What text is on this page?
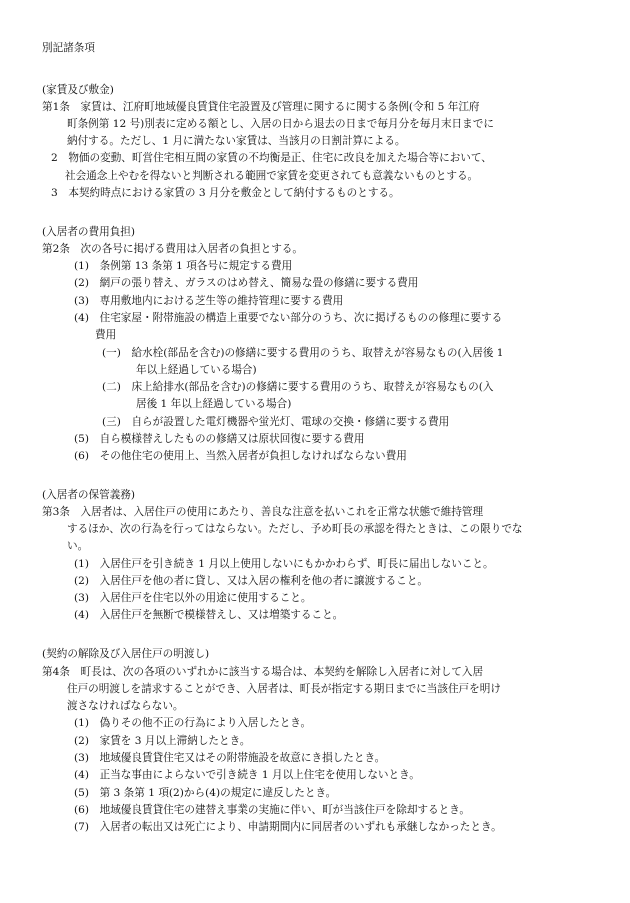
別記諸条項
(家賃及び敷金)
第1条　家賃は、江府町地域優良賃貸住宅設置及び管理に関するに関する条例(令和 5 年江府
町条例第 12 号)別表に定める額とし、入居の日から退去の日まで毎月分を毎月末日までに
納付する。ただし、1 月に満たない家賃は、当該月の日割計算による。
2　物価の変動、町営住宅相互間の家賃の不均衡是正、住宅に改良を加えた場合等において、
社会通念上やむを得ないと判断される範囲で家賃を変更されても意義ないものとする。
3　本契約時点における家賃の 3 月分を敷金として納付するものとする。
(入居者の費用負担)
第2条　次の各号に掲げる費用は入居者の負担とする。
(1)　条例第 13 条第 1 項各号に規定する費用
(2)　網戸の張り替え、ガラスのはめ替え、簡易な畳の修繕に要する費用
(3)　専用敷地内における芝生等の維持管理に要する費用
(4)　住宅家屋・附帯施設の構造上重要でない部分のうち、次に掲げるものの修理に要する
費用
(一)　給水栓(部品を含む)の修繕に要する費用のうち、取替えが容易なもの(入居後 1
年以上経過している場合)
(二)　床上給排水(部品を含む)の修繕に要する費用のうち、取替えが容易なもの(入
居後 1 年以上経過している場合)
(三)　自らが設置した電灯機器や蛍光灯、電球の交換・修繕に要する費用
(5)　自ら模様替えしたものの修繕又は原状回復に要する費用
(6)　その他住宅の使用上、当然入居者が負担しなければならない費用
(入居者の保管義務)
第3条　入居者は、入居住戸の使用にあたり、善良な注意を払いこれを正常な状態で維持管理
するほか、次の行為を行ってはならない。ただし、予め町長の承認を得たときは、この限りでな
い。
(1)　入居住戸を引き続き 1 月以上使用しないにもかかわらず、町長に届出しないこと。
(2)　入居住戸を他の者に貸し、又は入居の権利を他の者に譲渡すること。
(3)　入居住戸を住宅以外の用途に使用すること。
(4)　入居住戸を無断で模様替えし、又は増築すること。
(契約の解除及び入居住戸の明渡し)
第4条　町長は、次の各項のいずれかに該当する場合は、本契約を解除し入居者に対して入居
住戸の明渡しを請求することができ、入居者は、町長が指定する期日までに当該住戸を明け
渡さなければならない。
(1)　偽りその他不正の行為により入居したとき。
(2)　家賃を 3 月以上滞納したとき。
(3)　地域優良賃貸住宅又はその附帯施設を故意にき損したとき。
(4)　正当な事由によらないで引き続き 1 月以上住宅を使用しないとき。
(5)　第 3 条第 1 項(2)から(4)の規定に違反したとき。
(6)　地域優良賃貸住宅の建替え事業の実施に伴い、町が当該住戸を除却するとき。
(7)　入居者の転出又は死亡により、申請期間内に同居者のいずれも承継しなかったとき。
